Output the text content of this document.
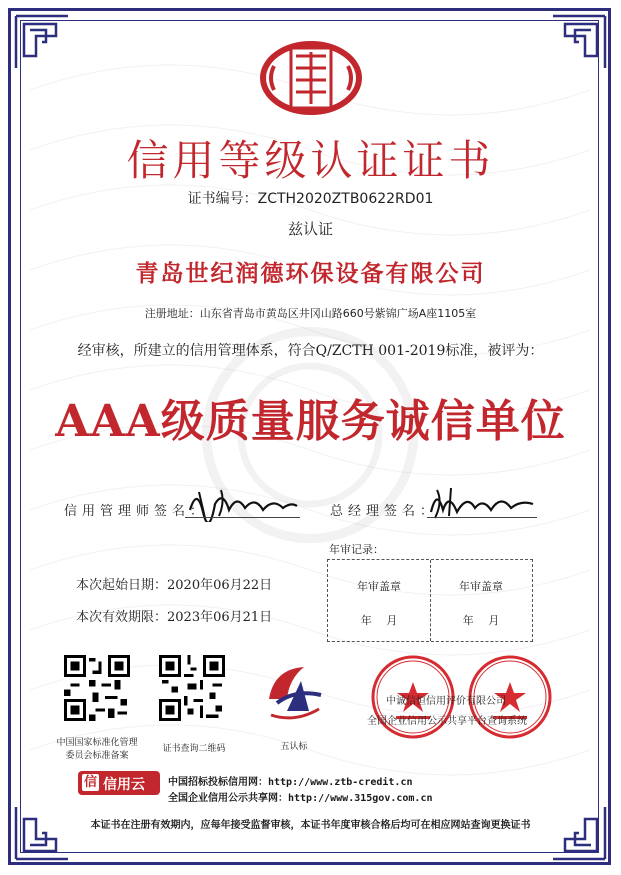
信用等级认证证书
证书编号：ZCTH2020ZTB0622RD01
兹认证
青岛世纪润德环保设备有限公司
注册地址：山东省青岛市黄岛区井冈山路660号紫锦广场A座1105室
经审核，所建立的信用管理体系，符合Q/ZCTH 001-2019标准，被评为：
AAA级质量服务诚信单位
信用管理师签名：	总经理签名：
本次起始日期：2020年06月22日
本次有效期限：2023年06月21日
年审记录：
年审盖章
年　 月
年审盖章
年　 月
中国国家标准化管理
委员会标准备案
证书查询二维码	五认标
中诚信恒信用评价有限公司
全国企业信用公示共享平台查询系统
信 信用云 中国招标投标信用网：http://www.ztb-credit.cn
全国企业信用公示共享网：http://www.315gov.com.cn
本证书在注册有效期内，应每年接受监督审核，本证书年度审核合格后均可在相应网站查询更换证书
